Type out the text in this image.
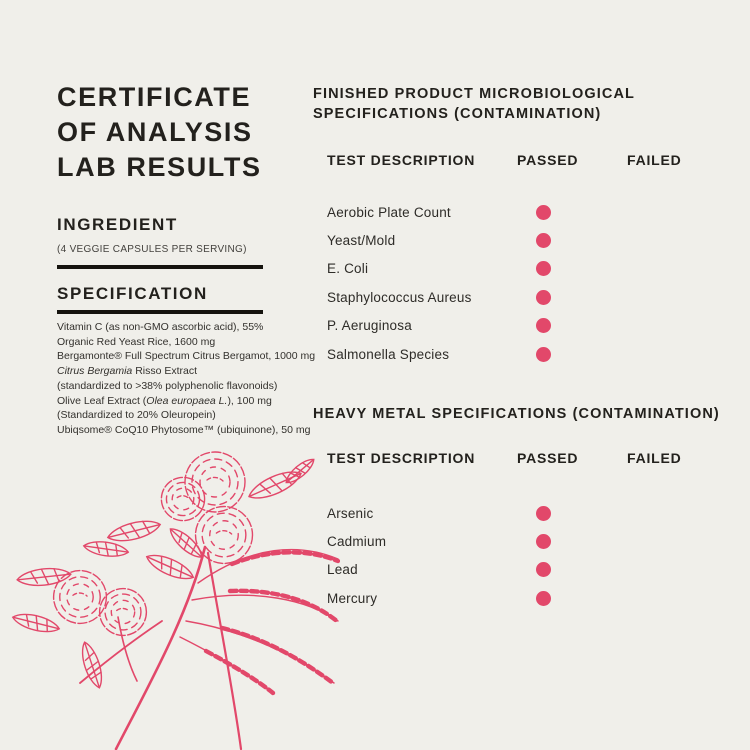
CERTIFICATE
OF ANALYSIS
LAB RESULTS
INGREDIENT
(4 VEGGIE CAPSULES PER SERVING)
SPECIFICATION
Vitamin C (as non-GMO ascorbic acid), 55%
Organic Red Yeast Rice, 1600 mg
Bergamonte® Full Spectrum Citrus Bergamot, 1000 mg
Citrus Bergamia Risso Extract
(standardized to >38% polyphenolic flavonoids)
Olive Leaf Extract (Olea europaea L.), 100 mg
(Standardized to 20% Oleuropein)
Ubiqsome® CoQ10 Phytosome™ (ubiquinone), 50 mg
FINISHED PRODUCT MICROBIOLOGICAL SPECIFICATIONS (CONTAMINATION)
TEST DESCRIPTION	PASSED	FAILED
Aerobic Plate Count
Yeast/Mold
E. Coli
Staphylococcus Aureus
P. Aeruginosa
Salmonella Species
HEAVY METAL SPECIFICATIONS (CONTAMINATION)
TEST DESCRIPTION	PASSED	FAILED
Arsenic
Cadmium
Lead
Mercury
